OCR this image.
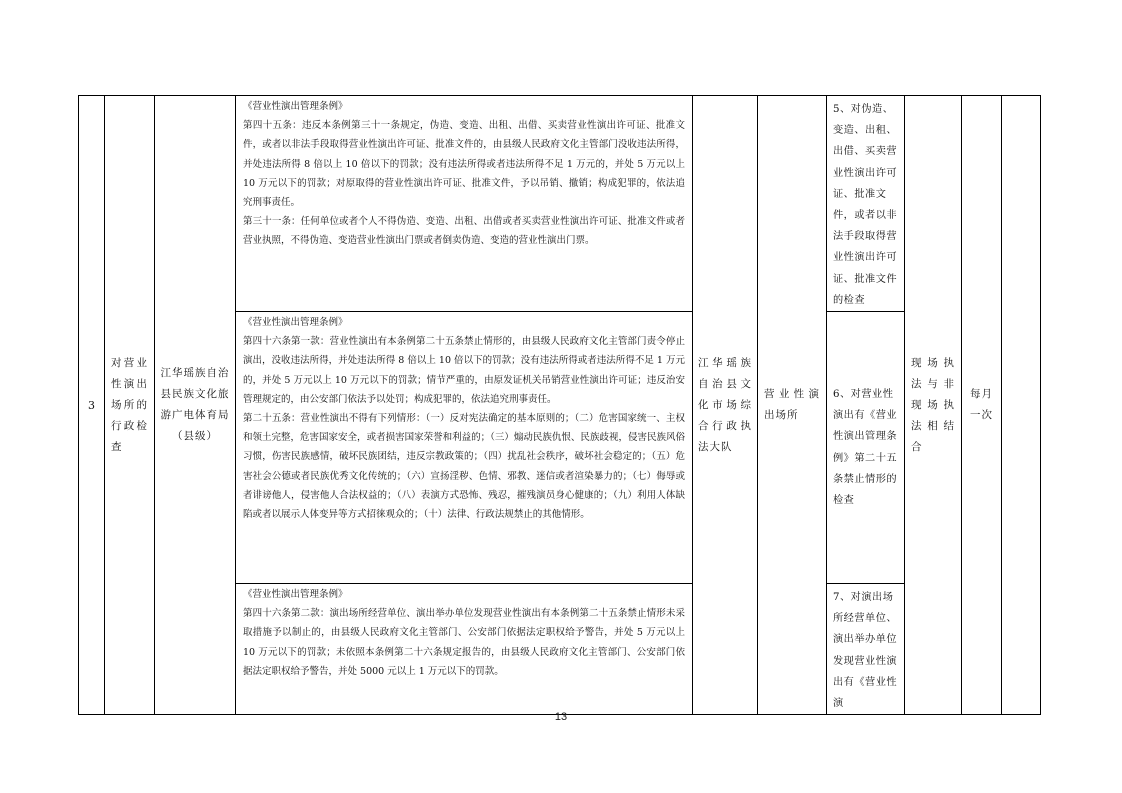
3	对营业性演出场所的行政检查	江华瑶族自治县民族文化旅游广电体育局（县级）	《营业性演出管理条例》
第四十五条：违反本条例第三十一条规定，伪造、变造、出租、出借、买卖营业性演出许可证、批准文件，或者以非法手段取得营业性演出许可证、批准文件的，由县级人民政府文化主管部门没收违法所得，并处违法所得 8 倍以上 10 倍以下的罚款；没有违法所得或者违法所得不足 1 万元的，并处 5 万元以上 10 万元以下的罚款；对原取得的营业性演出许可证、批准文件，予以吊销、撤销；构成犯罪的，依法追究刑事责任。
第三十一条：任何单位或者个人不得伪造、变造、出租、出借或者买卖营业性演出许可证、批准文件或者营业执照，不得伪造、变造营业性演出门票或者倒卖伪造、变造的营业性演出门票。	江华瑶族自治县文化市场综合行政执法大队	营业性演出场所	5、对伪造、变造、出租、出借、买卖营业性演出许可证、批准文件，或者以非法手段取得营业性演出许可证、批准文件的检查	现场执法与非现场执法相结合	每月一次	

			《营业性演出管理条例》
第四十六条第一款：营业性演出有本条例第二十五条禁止情形的，由县级人民政府文化主管部门责令停止演出，没收违法所得，并处违法所得 8 倍以上 10 倍以下的罚款；没有违法所得或者违法所得不足 1 万元的，并处 5 万元以上 10 万元以下的罚款；情节严重的，由原发证机关吊销营业性演出许可证；违反治安管理规定的，由公安部门依法予以处罚；构成犯罪的，依法追究刑事责任。
第二十五条：营业性演出不得有下列情形：（一）反对宪法确定的基本原则的；（二）危害国家统一、主权和领土完整，危害国家安全，或者损害国家荣誉和利益的；（三）煽动民族仇恨、民族歧视，侵害民族风俗习惯，伤害民族感情，破坏民族团结，违反宗教政策的；（四）扰乱社会秩序，破坏社会稳定的；（五）危害社会公德或者民族优秀文化传统的；（六）宣扬淫秽、色情、邪教、迷信或者渲染暴力的；（七）侮辱或者诽谤他人，侵害他人合法权益的；（八）表演方式恐怖、残忍，摧残演员身心健康的；（九）利用人体缺陷或者以展示人体变异等方式招徕观众的；（十）法律、行政法规禁止的其他情形。			6、对营业性演出有《营业性演出管理条例》第二十五条禁止情形的检查			

			《营业性演出管理条例》
第四十六条第二款：演出场所经营单位、演出举办单位发现营业性演出有本条例第二十五条禁止情形未采取措施予以制止的，由县级人民政府文化主管部门、公安部门依据法定职权给予警告，并处 5 万元以上 10 万元以下的罚款；未依照本条例第二十六条规定报告的，由县级人民政府文化主管部门、公安部门依据法定职权给予警告，并处 5000 元以上 1 万元以下的罚款。			7、对演出场所经营单位、演出举办单位发现营业性演出有《营业性演			
13
